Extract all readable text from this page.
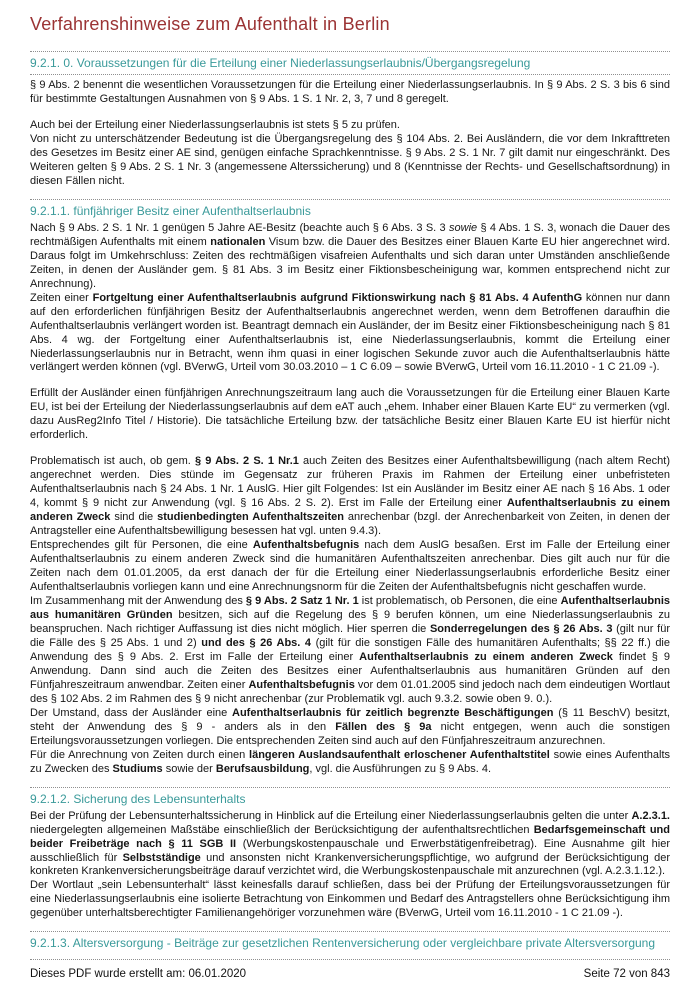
Verfahrenshinweise zum Aufenthalt in Berlin
9.2.1. 0. Voraussetzungen für die Erteilung einer Niederlassungserlaubnis/Übergangsregelung

§ 9 Abs. 2 benennt die wesentlichen Voraussetzungen für die Erteilung einer Niederlassungserlaubnis. In § 9 Abs. 2 S. 3 bis 6 sind für bestimmte Gestaltungen Ausnahmen von § 9 Abs. 1 S. 1 Nr. 2, 3, 7 und 8 geregelt.

Auch bei der Erteilung einer Niederlassungserlaubnis ist stets § 5 zu prüfen.

Von nicht zu unterschätzender Bedeutung ist die Übergangsregelung des § 104 Abs. 2. Bei Ausländern, die vor dem Inkrafttreten des Gesetzes im Besitz einer AE sind, genügen einfache Sprachkenntnisse. § 9 Abs. 2 S. 1 Nr. 7 gilt damit nur eingeschränkt. Des Weiteren gelten § 9 Abs. 2 S. 1 Nr. 3 (angemessene Alterssicherung) und 8 (Kenntnisse der Rechts- und Gesellschaftsordnung) in diesen Fällen nicht.

9.2.1.1. fünfjähriger Besitz einer Aufenthaltserlaubnis

Nach § 9 Abs. 2 S. 1 Nr. 1 genügen 5 Jahre AE-Besitz (beachte auch § 6 Abs. 3 S. 3 sowie § 4 Abs. 1 S. 3, wonach die Dauer des rechtmäßigen Aufenthalts mit einem nationalen Visum bzw. die Dauer des Besitzes einer Blauen Karte EU hier angerechnet wird. Daraus folgt im Umkehrschluss: Zeiten des rechtmäßigen visafreien Aufenthalts und sich daran unter Umständen anschließende Zeiten, in denen der Ausländer gem. § 81 Abs. 3 im Besitz einer Fiktionsbescheinigung war, kommen entsprechend nicht zur Anrechnung).

Zeiten einer Fortgeltung einer Aufenthaltserlaubnis aufgrund Fiktionswirkung nach § 81 Abs. 4 AufenthG können nur dann auf den erforderlichen fünfjährigen Besitz der Aufenthaltserlaubnis angerechnet werden, wenn dem Betroffenen daraufhin die Aufenthaltserlaubnis verlängert worden ist. Beantragt demnach ein Ausländer, der im Besitz einer Fiktionsbescheinigung nach § 81 Abs. 4 wg. der Fortgeltung einer Aufenthaltserlaubnis ist, eine Niederlassungserlaubnis, kommt die Erteilung einer Niederlassungserlaubnis nur in Betracht, wenn ihm quasi in einer logischen Sekunde zuvor auch die Aufenthaltserlaubnis hätte verlängert werden können (vgl. BVerwG, Urteil vom 30.03.2010 – 1 C 6.09 – sowie BVerwG, Urteil vom 16.11.2010 - 1 C 21.09 -).

Erfüllt der Ausländer einen fünfjährigen Anrechnungszeitraum lang auch die Voraussetzungen für die Erteilung einer Blauen Karte EU, ist bei der Erteilung der Niederlassungserlaubnis auf dem eAT auch „ehem. Inhaber einer Blauen Karte EU“ zu vermerken (vgl. dazu AusReg2Info Titel / Historie). Die tatsächliche Erteilung bzw. der tatsächliche Besitz einer Blauen Karte EU ist hierfür nicht erforderlich.

Problematisch ist auch, ob gem. § 9 Abs. 2 S. 1 Nr.1 auch Zeiten des Besitzes einer Aufenthaltsbewilligung (nach altem Recht) angerechnet werden. Dies stünde im Gegensatz zur früheren Praxis im Rahmen der Erteilung einer unbefristeten Aufenthaltserlaubnis nach § 24 Abs. 1 Nr. 1 AuslG. Hier gilt Folgendes: Ist ein Ausländer im Besitz einer AE nach § 16 Abs. 1 oder 4, kommt § 9 nicht zur Anwendung (vgl. § 16 Abs. 2 S. 2). Erst im Falle der Erteilung einer Aufenthaltserlaubnis zu einem anderen Zweck sind die studienbedingten Aufenthaltszeiten anrechenbar (bzgl. der Anrechenbarkeit von Zeiten, in denen der Antragsteller eine Aufenthaltsbewilligung besessen hat vgl. unten 9.4.3).

Entsprechendes gilt für Personen, die eine Aufenthaltsbefugnis nach dem AuslG besaßen. Erst im Falle der Erteilung einer Aufenthaltserlaubnis zu einem anderen Zweck sind die humanitären Aufenthaltszeiten anrechenbar. Dies gilt auch nur für die Zeiten nach dem 01.01.2005, da erst danach der für die Erteilung einer Niederlassungserlaubnis erforderliche Besitz einer Aufenthaltserlaubnis vorliegen kann und eine Anrechnungsnorm für die Zeiten der Aufenthaltsbefugnis nicht geschaffen wurde.

Im Zusammenhang mit der Anwendung des § 9 Abs. 2 Satz 1 Nr. 1 ist problematisch, ob Personen, die eine Aufenthaltserlaubnis aus humanitären Gründen besitzen, sich auf die Regelung des § 9 berufen können, um eine Niederlassungserlaubnis zu beanspruchen. Nach richtiger Auffassung ist dies nicht möglich. Hier sperren die Sonderregelungen des § 26 Abs. 3 (gilt nur für die Fälle des § 25 Abs. 1 und 2) und des § 26 Abs. 4 (gilt für die sonstigen Fälle des humanitären Aufenthalts; §§ 22 ff.) die Anwendung des § 9 Abs. 2. Erst im Falle der Erteilung einer Aufenthaltserlaubnis zu einem anderen Zweck findet § 9 Anwendung. Dann sind auch die Zeiten des Besitzes einer Aufenthaltserlaubnis aus humanitären Gründen auf den Fünfjahreszeitraum anwendbar. Zeiten einer Aufenthaltsbefugnis vor dem 01.01.2005 sind jedoch nach dem eindeutigen Wortlaut des § 102 Abs. 2 im Rahmen des § 9 nicht anrechenbar (zur Problematik vgl. auch 9.3.2. sowie oben 9. 0.).

Der Umstand, dass der Ausländer eine Aufenthaltserlaubnis für zeitlich begrenzte Beschäftigungen (§ 11 BeschV) besitzt, steht der Anwendung des § 9 - anders als in den Fällen des § 9a nicht entgegen, wenn auch die sonstigen Erteilungsvoraussetzungen vorliegen. Die entsprechenden Zeiten sind auch auf den Fünfjahreszeitraum anzurechnen.

Für die Anrechnung von Zeiten durch einen längeren Auslandsaufenthalt erloschener Aufenthaltstitel sowie eines Aufenthalts zu Zwecken des Studiums sowie der Berufsausbildung, vgl. die Ausführungen zu § 9 Abs. 4.

9.2.1.2. Sicherung des Lebensunterhalts

Bei der Prüfung der Lebensunterhaltssicherung in Hinblick auf die Erteilung einer Niederlassungserlaubnis gelten die unter A.2.3.1. niedergelegten allgemeinen Maßstäbe einschließlich der Berücksichtigung der aufenthaltsrechtlichen Bedarfsgemeinschaft und beider Freibeträge nach § 11 SGB II (Werbungskostenpauschale und Erwerbstätigenfreibetrag). Eine Ausnahme gilt hier ausschließlich für Selbstständige und ansonsten nicht Krankenversicherungspflichtige, wo aufgrund der Berücksichtigung der konkreten Krankenversicherungsbeiträge darauf verzichtet wird, die Werbungskostenpauschale mit anzurechnen (vgl. A.2.3.1.12.).

Der Wortlaut „sein Lebensunterhalt“ lässt keinesfalls darauf schließen, dass bei der Prüfung der Erteilungsvoraussetzungen für eine Niederlassungserlaubnis eine isolierte Betrachtung von Einkommen und Bedarf des Antragstellers ohne Berücksichtigung ihm gegenüber unterhaltsberechtigter Familienangehöriger vorzunehmen wäre (BVerwG, Urteil vom 16.11.2010 - 1 C 21.09 -).

9.2.1.3. Altersversorgung - Beiträge zur gesetzlichen Rentenversicherung oder vergleichbare private Altersversorgung
Dieses PDF wurde erstellt am: 06.01.2020	Seite 72 von 843
